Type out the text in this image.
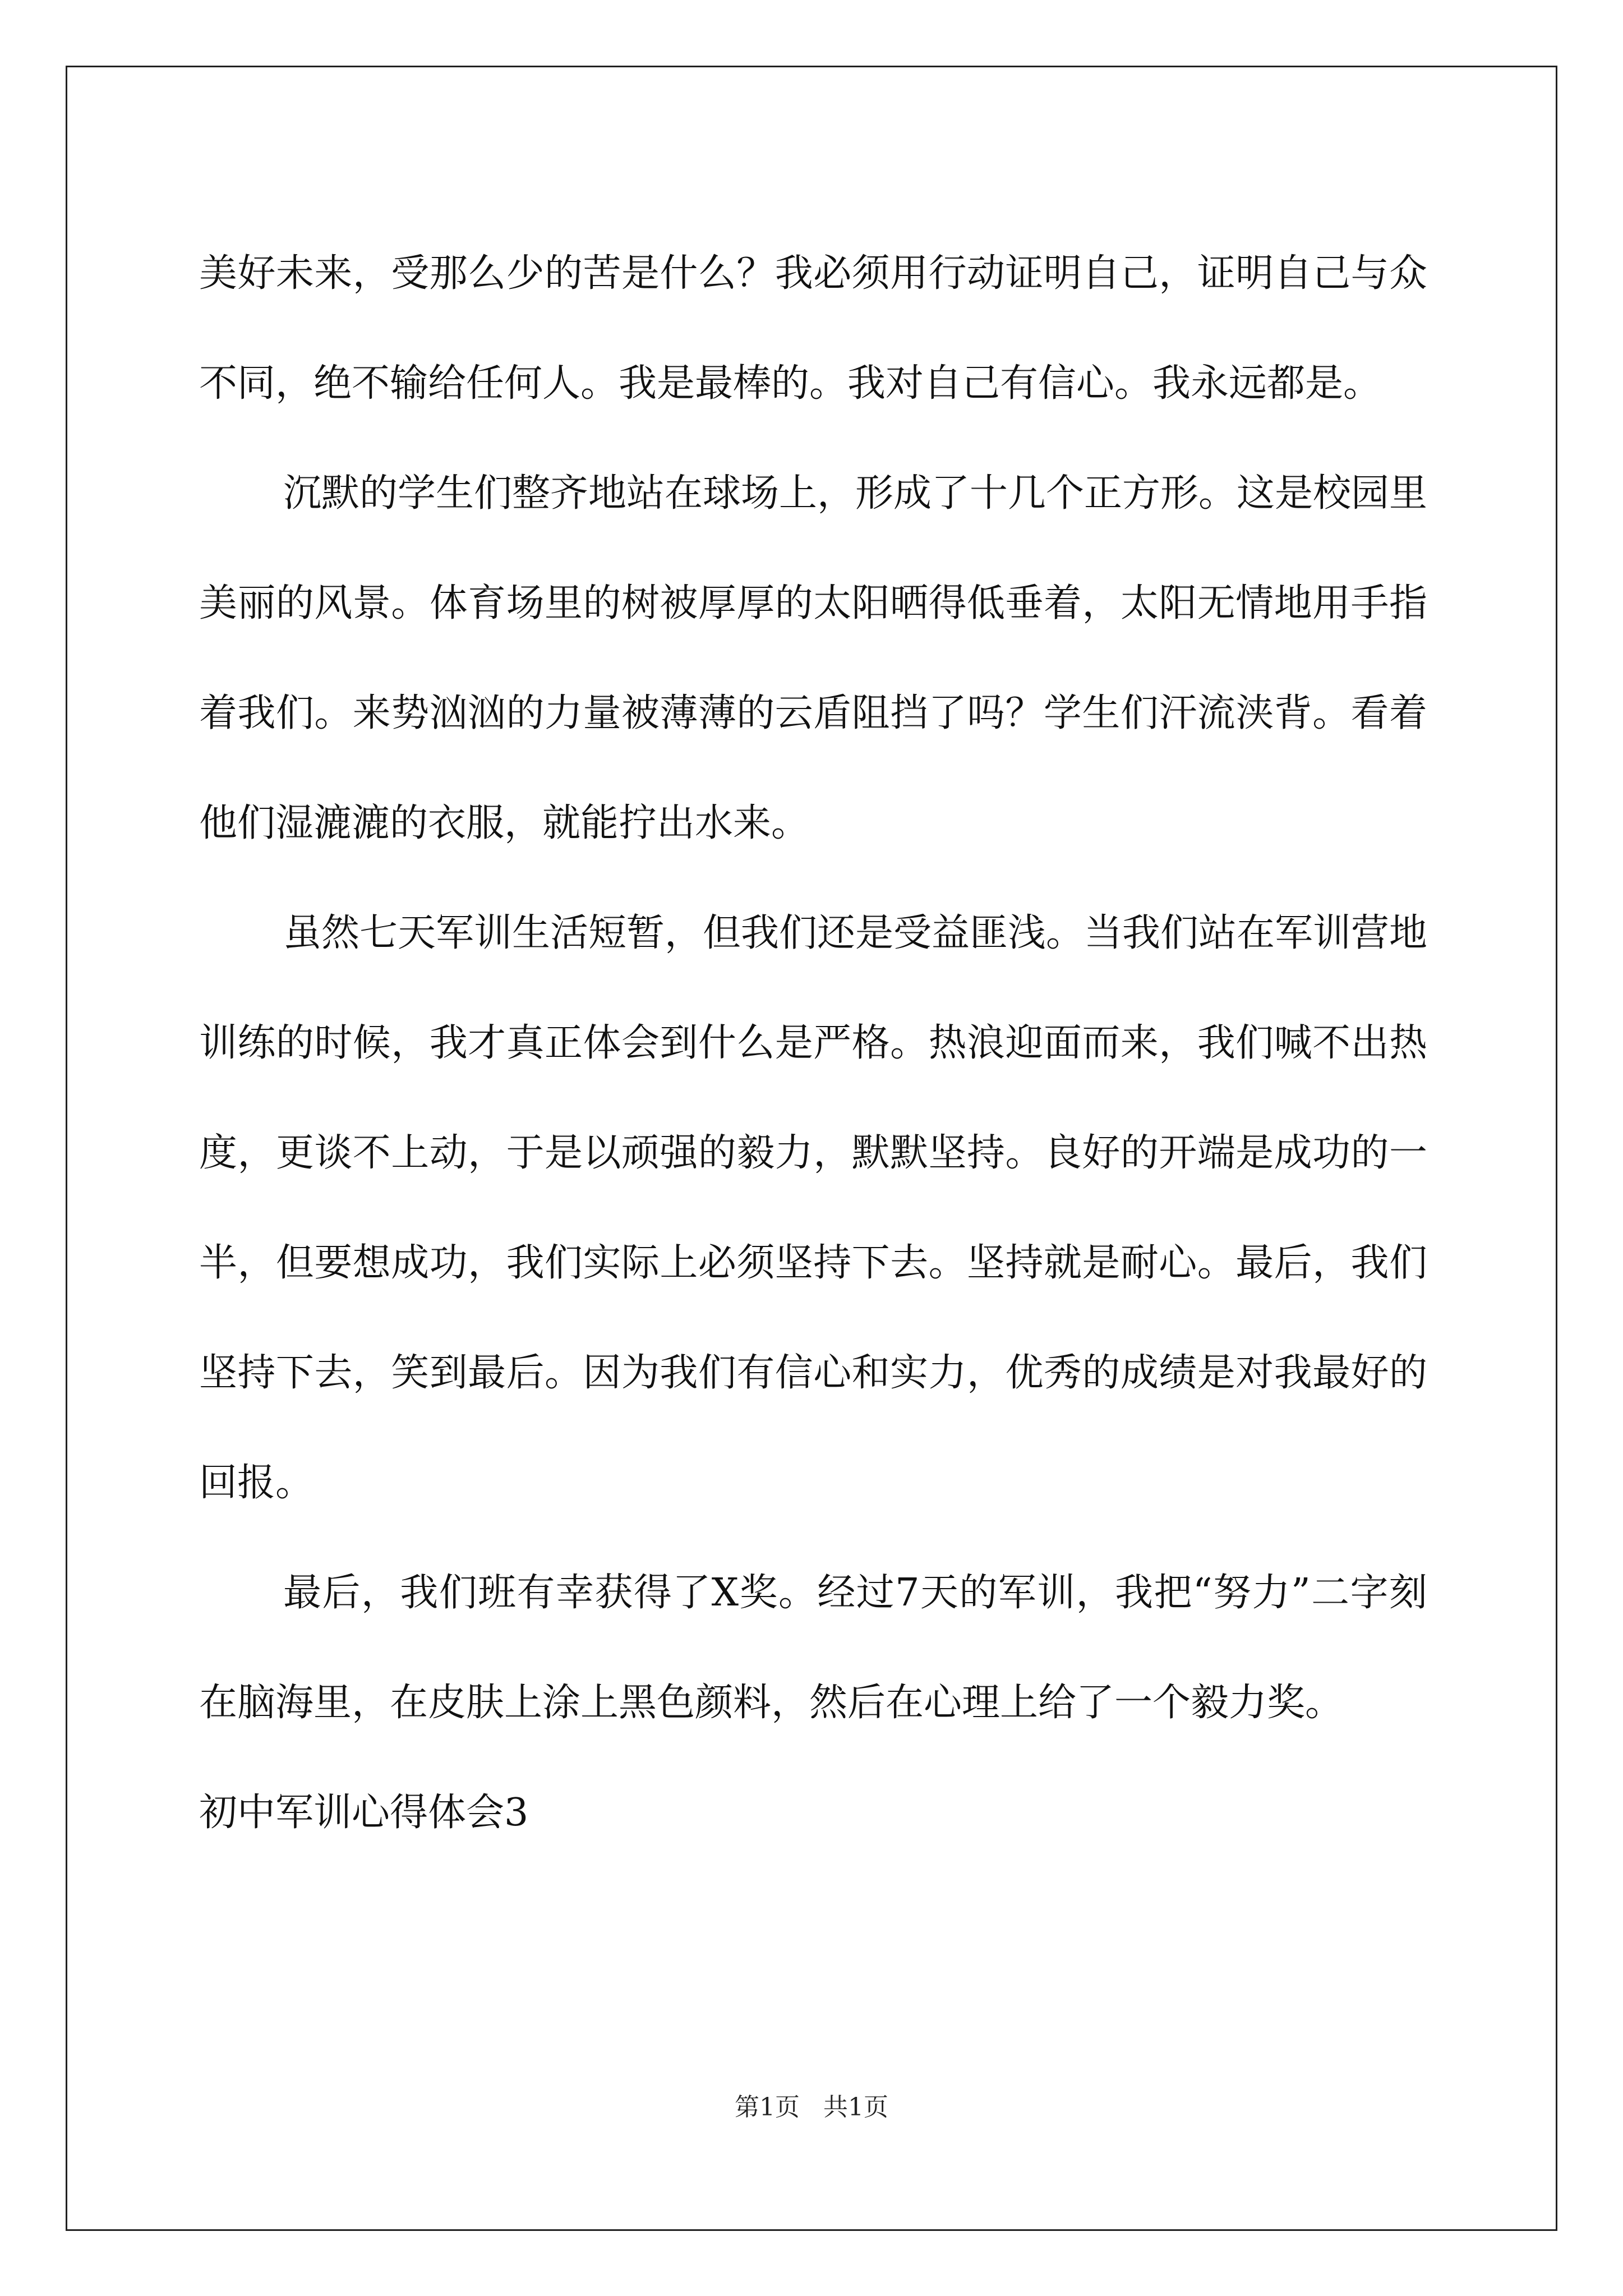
美好未来，受那么少的苦是什么？我必须用行动证明自己，证明自己与众不同，绝不输给任何人。我是最棒的。我对自己有信心。我永远都是。

沉默的学生们整齐地站在球场上，形成了十几个正方形。这是校园里美丽的风景。体育场里的树被厚厚的太阳晒得低垂着，太阳无情地用手指着我们。来势汹汹的力量被薄薄的云盾阻挡了吗？学生们汗流浃背。看着他们湿漉漉的衣服，就能拧出水来。

虽然七天军训生活短暂，但我们还是受益匪浅。当我们站在军训营地训练的时候，我才真正体会到什么是严格。热浪迎面而来，我们喊不出热度，更谈不上动，于是以顽强的毅力，默默坚持。良好的开端是成功的一半，但要想成功，我们实际上必须坚持下去。坚持就是耐心。最后，我们坚持下去，笑到最后。因为我们有信心和实力，优秀的成绩是对我最好的回报。

最后，我们班有幸获得了X奖。经过7天的军训，我把“努力”二字刻在脑海里，在皮肤上涂上黑色颜料，然后在心理上给了一个毅力奖。

初中军训心得体会3

第1页   共1页
